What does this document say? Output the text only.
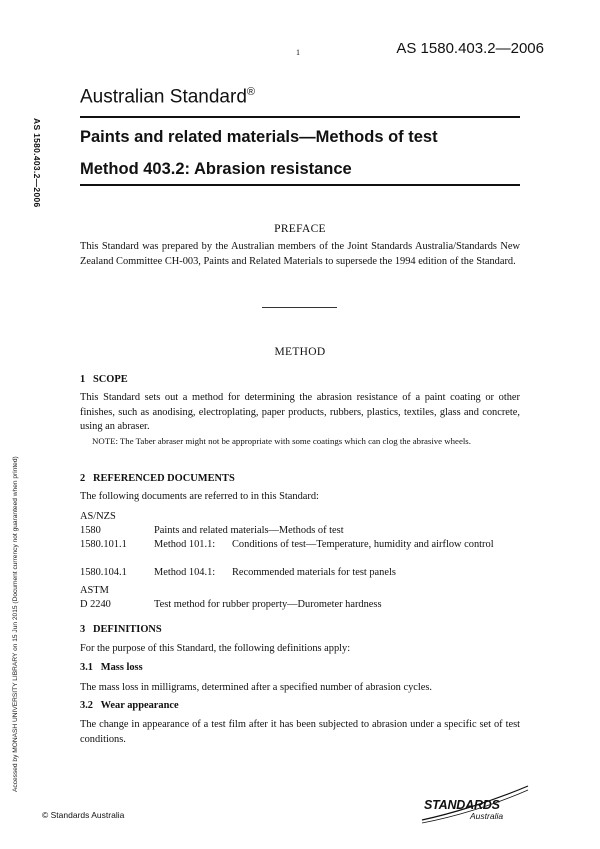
AS 1580.403.2—2006
Accessed by MONASH UNIVERSITY LIBRARY on 15 Jun 2015 (Document currency not guaranteed when printed)
1	AS 1580.403.2—2006
Australian Standard®
Paints and related materials—Methods of test
Method 403.2: Abrasion resistance
PREFACE
This Standard was prepared by the Australian members of the Joint Standards Australia/Standards New Zealand Committee CH-003, Paints and Related Materials to supersede the 1994 edition of the Standard.
METHOD
1   SCOPE
This Standard sets out a method for determining the abrasion resistance of a paint coating or other finishes, such as anodising, electroplating, paper products, rubbers, plastics, textiles, glass and concrete, using an abraser.
NOTE: The Taber abraser might not be appropriate with some coatings which can clog the abrasive wheels.
2   REFERENCED DOCUMENTS
The following documents are referred to in this Standard:
AS/NZS
1580	Paints and related materials—Methods of test
1580.101.1	Method 101.1:	Conditions of test—Temperature, humidity and airflow control
1580.104.1	Method 104.1: Recommended materials for test panels
ASTM
D 2240	Test method for rubber property—Durometer hardness
3   DEFINITIONS
For the purpose of this Standard, the following definitions apply:
3.1   Mass loss
The mass loss in milligrams, determined after a specified number of abrasion cycles.
3.2   Wear appearance
The change in appearance of a test film after it has been subjected to abrasion under a specific set of test conditions.
© Standards Australia
STANDARDS
Australia
